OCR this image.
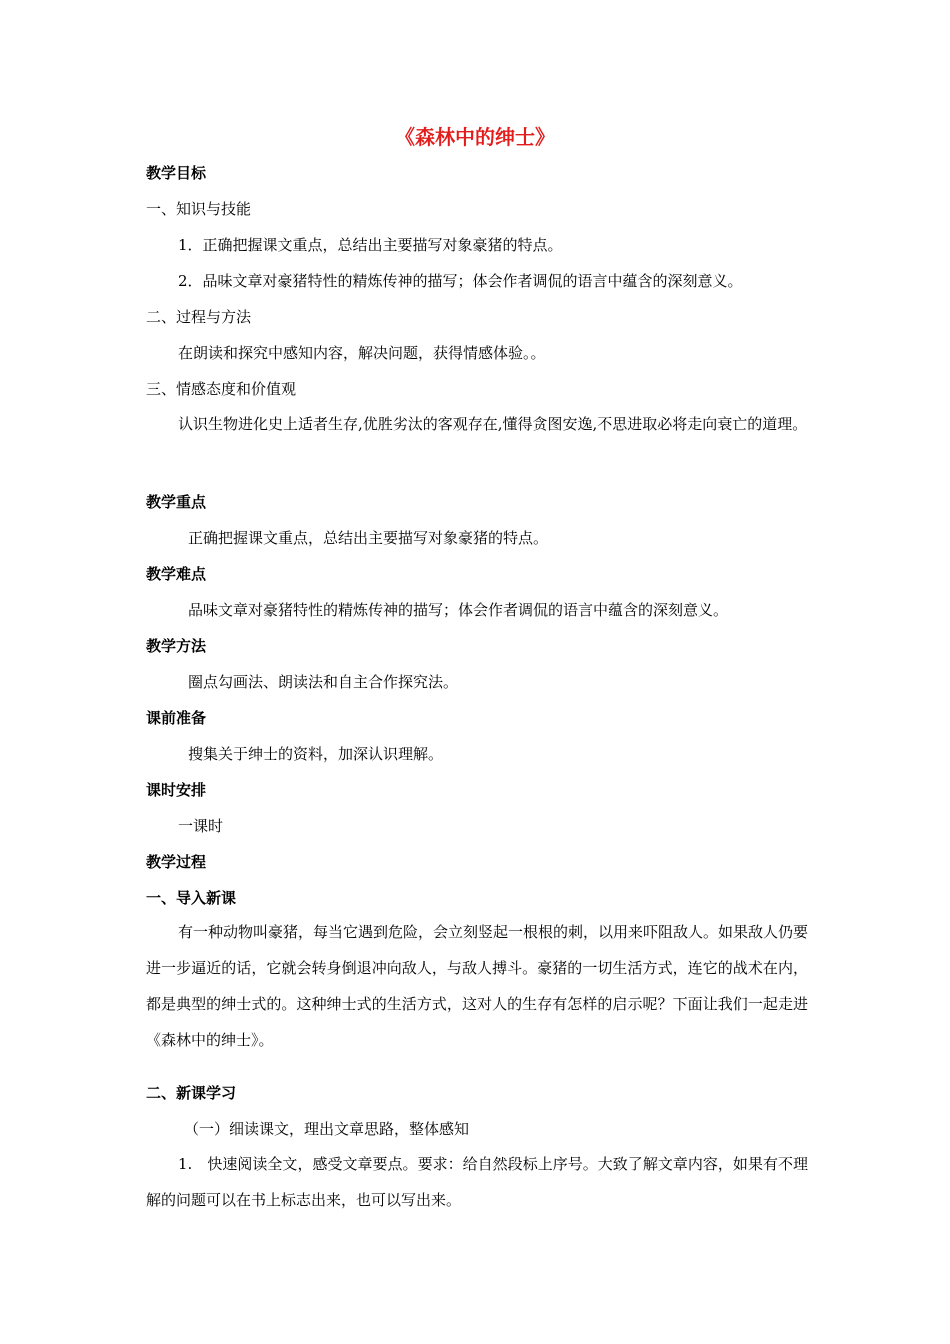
《森林中的绅士》
教学目标
一、知识与技能
1．正确把握课文重点，总结出主要描写对象豪猪的特点。
2．品味文章对豪猪特性的精炼传神的描写；体会作者调侃的语言中蕴含的深刻意义。
二、过程与方法
在朗读和探究中感知内容，解决问题，获得情感体验。。
三、情感态度和价值观
认识生物进化史上适者生存,优胜劣汰的客观存在,懂得贪图安逸,不思进取必将走向衰亡的道理。
教学重点
正确把握课文重点，总结出主要描写对象豪猪的特点。
教学难点
品味文章对豪猪特性的精炼传神的描写；体会作者调侃的语言中蕴含的深刻意义。
教学方法
圈点勾画法、朗读法和自主合作探究法。
课前准备
搜集关于绅士的资料，加深认识理解。
课时安排
一课时
教学过程
一、导入新课
有一种动物叫豪猪，每当它遇到危险，会立刻竖起一根根的刺，以用来吓阻敌人。如果敌人仍要进一步逼近的话，它就会转身倒退冲向敌人，与敌人搏斗。豪猪的一切生活方式，连它的战术在内，都是典型的绅士式的。这种绅士式的生活方式，这对人的生存有怎样的启示呢？下面让我们一起走进《森林中的绅士》。
二、新课学习
（一）细读课文，理出文章思路，整体感知
1.　快速阅读全文，感受文章要点。要求：给自然段标上序号。大致了解文章内容，如果有不理解的问题可以在书上标志出来，也可以写出来。
